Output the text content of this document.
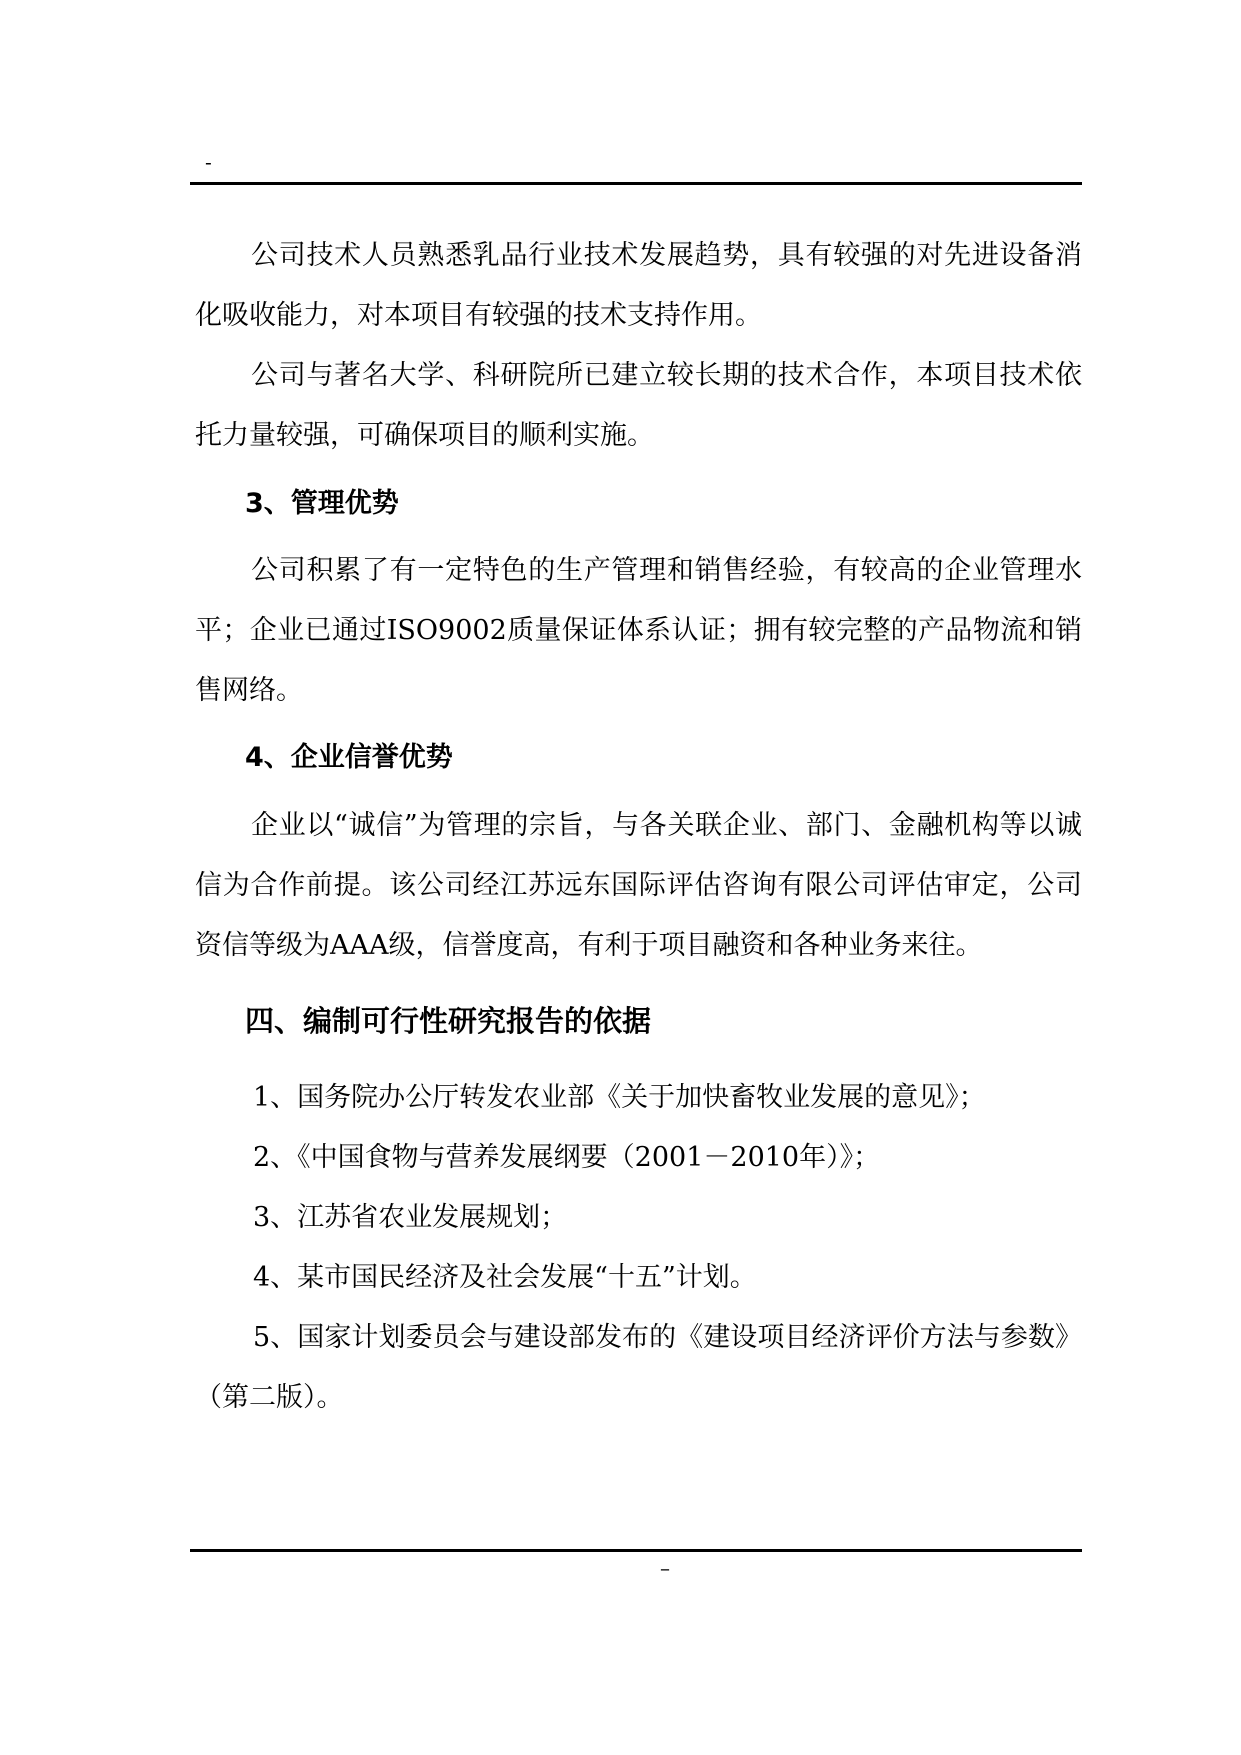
-

公司技术人员熟悉乳品行业技术发展趋势，具有较强的对先进设备消化吸收能力，对本项目有较强的技术支持作用。

公司与著名大学、科研院所已建立较长期的技术合作，本项目技术依托力量较强，可确保项目的顺利实施。

3、管理优势

公司积累了有一定特色的生产管理和销售经验，有较高的企业管理水平；企业已通过ISO9002质量保证体系认证；拥有较完整的产品物流和销售网络。

4、企业信誉优势

企业以“诚信”为管理的宗旨，与各关联企业、部门、金融机构等以诚信为合作前提。该公司经江苏远东国际评估咨询有限公司评估审定，公司资信等级为AAA级，信誉度高，有利于项目融资和各种业务来往。

四、编制可行性研究报告的依据

1、国务院办公厅转发农业部《关于加快畜牧业发展的意见》；

2、《中国食物与营养发展纲要（2001－2010年）》；

3、江苏省农业发展规划；

4、某市国民经济及社会发展“十五”计划。

5、国家计划委员会与建设部发布的《建设项目经济评价方法与参数》（第二版）。

–
